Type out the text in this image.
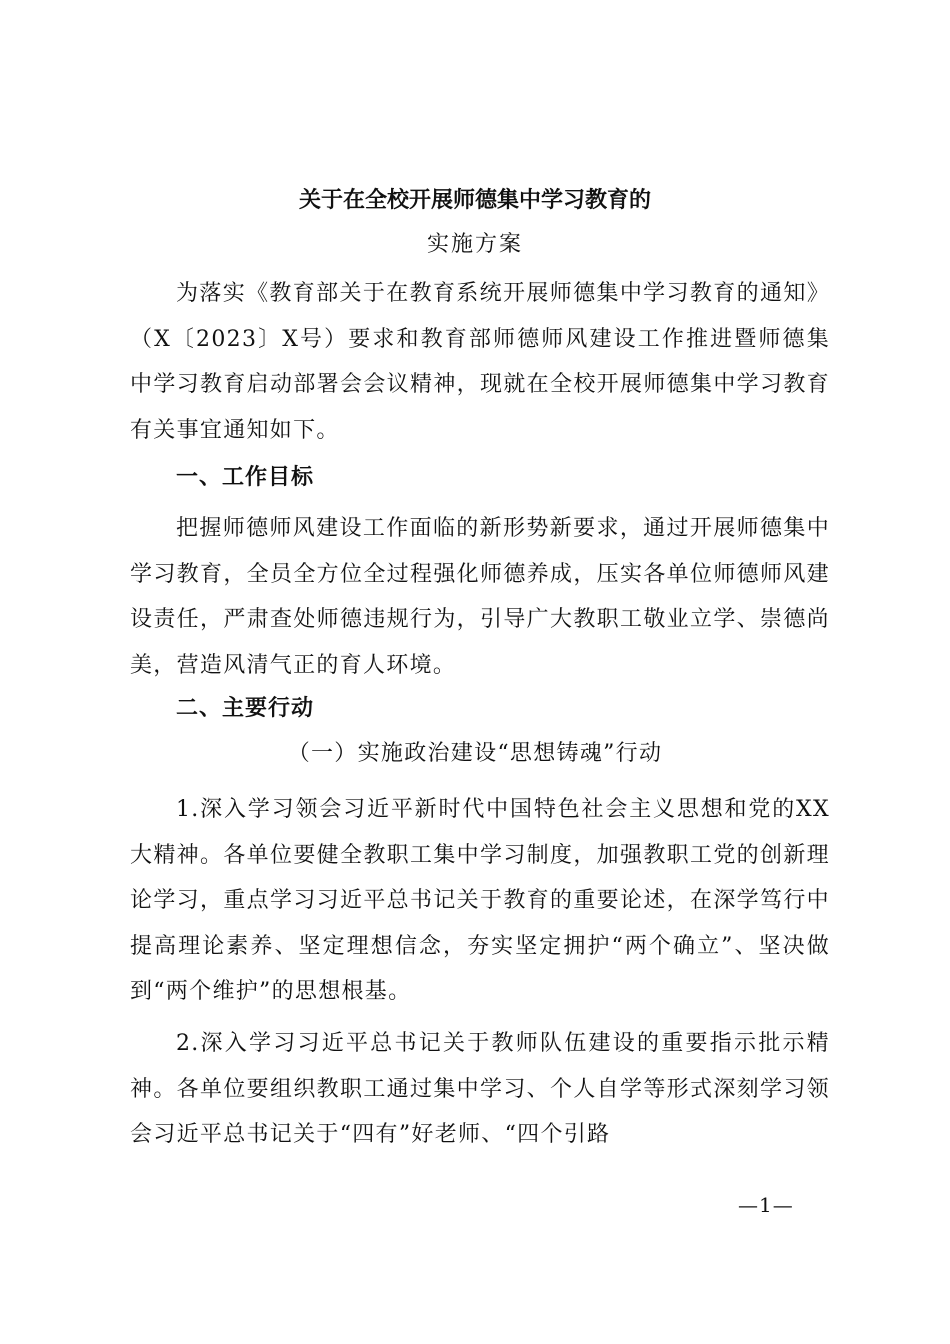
关于在全校开展师德集中学习教育的
实施方案

为落实《教育部关于在教育系统开展师德集中学习教育的通知》（X〔2023〕X号）要求和教育部师德师风建设工作推进暨师德集中学习教育启动部署会会议精神，现就在全校开展师德集中学习教育有关事宜通知如下。

一、工作目标

把握师德师风建设工作面临的新形势新要求，通过开展师德集中学习教育，全员全方位全过程强化师德养成，压实各单位师德师风建设责任，严肃查处师德违规行为，引导广大教职工敬业立学、崇德尚美，营造风清气正的育人环境。

二、主要行动
（一）实施政治建设“思想铸魂”行动

1.深入学习领会习近平新时代中国特色社会主义思想和党的XX大精神。各单位要健全教职工集中学习制度，加强教职工党的创新理论学习，重点学习习近平总书记关于教育的重要论述，在深学笃行中提高理论素养、坚定理想信念，夯实坚定拥护“两个确立”、坚决做到“两个维护”的思想根基。

2.深入学习习近平总书记关于教师队伍建设的重要指示批示精神。各单位要组织教职工通过集中学习、个人自学等形式深刻学习领会习近平总书记关于“四有”好老师、“四个引路

—1—
